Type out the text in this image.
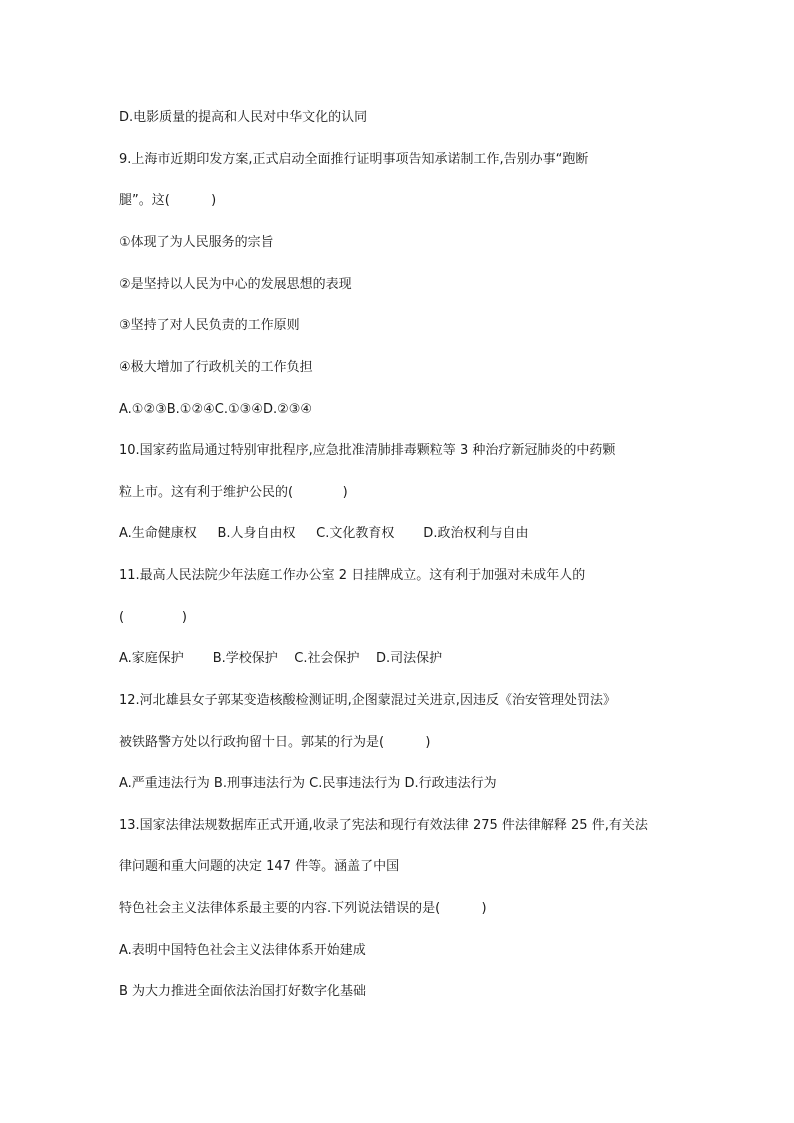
D.电影质量的提高和人民对中华文化的认同
9.上海市近期印发方案,正式启动全面推行证明事项告知承诺制工作,告别办事“跑断
腿”。这(          )
①体现了为人民服务的宗旨
②是坚持以人民为中心的发展思想的表现
③坚持了对人民负责的工作原则
④极大增加了行政机关的工作负担
A.①②③B.①②④C.①③④D.②③④
10.国家药监局通过特别审批程序,应急批准清肺排毒颗粒等 3 种治疗新冠肺炎的中药颗
粒上市。这有利于维护公民的(            )
A.生命健康权     B.人身自由权     C.文化教育权       D.政治权利与自由
11.最高人民法院少年法庭工作办公室 2 日挂牌成立。这有利于加强对未成年人的
(              )
A.家庭保护       B.学校保护    C.社会保护    D.司法保护
12.河北雄县女子郭某变造核酸检测证明,企图蒙混过关进京,因违反《治安管理处罚法》
被铁路警方处以行政拘留十日。郭某的行为是(          )
A.严重违法行为 B.刑事违法行为 C.民事违法行为 D.行政违法行为
13.国家法律法规数据库正式开通,收录了宪法和现行有效法律 275 件法律解释 25 件,有关法
律问题和重大问题的决定 147 件等。涵盖了中国
特色社会主义法律体系最主要的内容.下列说法错误的是(          )
A.表明中国特色社会主义法律体系开始建成
B 为大力推进全面依法治国打好数字化基础
